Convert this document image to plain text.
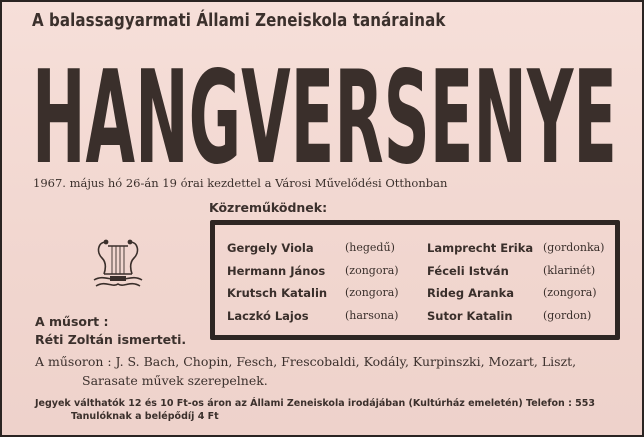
A balassagyarmati Állami Zeneiskola tanárainak
HANGVERSENYE
1967. május hó 26-án 19 órai kezdettel a Városi Művelődési Otthonban
Közreműködnek:
Gergely Viola	(hegedű)	Lamprecht Erika (gordonka)
Hermann János	(zongora) Féceli István	(klarinét)
Krutsch Katalin	(zongora) Rideg Aranka	(zongora)
Laczkó Lajos	(harsona) Sutor Katalin	(gordon)
A műsort :
Réti Zoltán ismerteti.
A műsoron : J. S. Bach, Chopin, Fesch, Frescobaldi, Kodály, Kurpinszki, Mozart, Liszt,
Sarasate művek szerepelnek.
Jegyek válthatók 12 és 10 Ft-os áron az Állami Zeneiskola irodájában (Kultúrház emeletén) Telefon : 553
Tanulóknak a belépődíj 4 Ft
